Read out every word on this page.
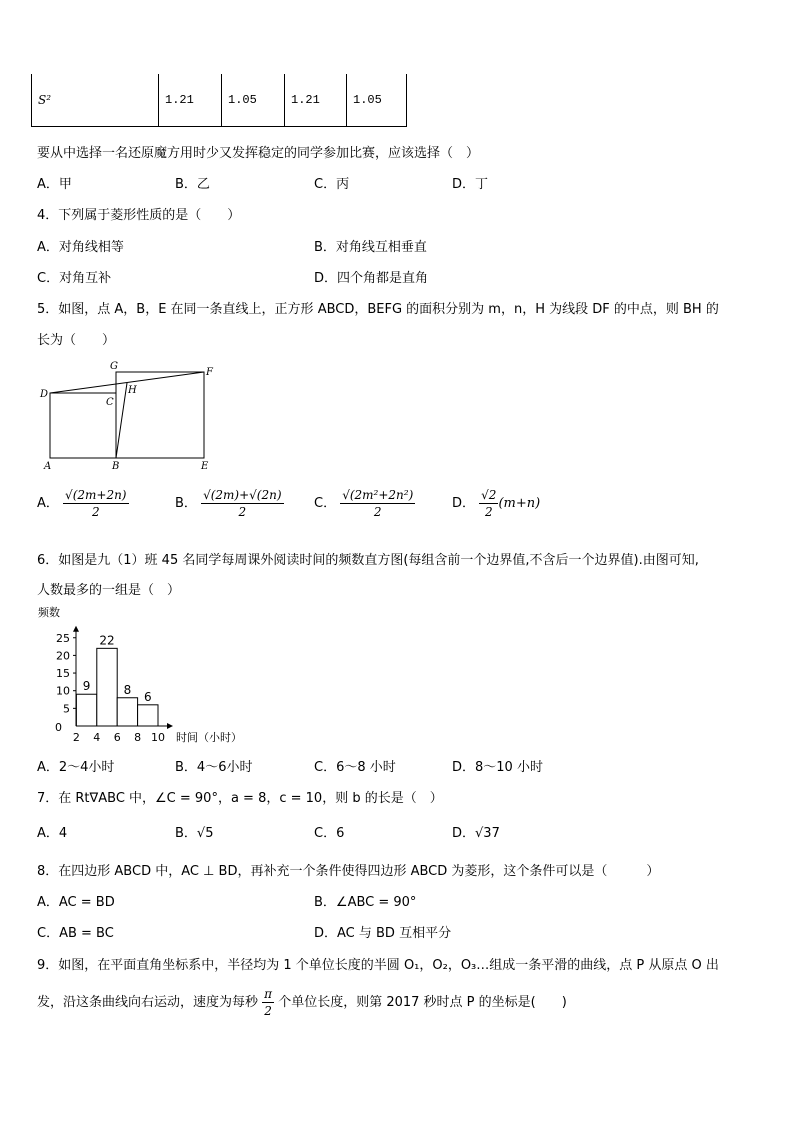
S²	1.21	1.05	1.21	1.05
要从中选择一名还原魔方用时少又发挥稳定的同学参加比赛，应该选择（　）
A．甲	B．乙	C．丙	D．丁
4．下列属于菱形性质的是（　　）
A．对角线相等	B．对角线互相垂直
C．对角互补	D．四个角都是直角
5．如图，点 A，B，E 在同一条直线上，正方形 ABCD，BEFG 的面积分别为 m，n，H 为线段 DF 的中点，则 BH 的
长为（　　）
G
F
D
C
H
A	B	E
A． $\frac{√(2m+2n)}{2}$	B． $\frac{√(2m)+√(2n)}{2}$ C． $\frac{\text{√(2m²+2n²)}}{2}$	D． $\frac{√2}{2} (m+n)$
6．如图是九（1）班 45 名同学每周课外阅读时间的频数直方图(每组含前一个边界值,不含后一个边界值).由图可知,
人数最多的一组是（　）
频数
时间（小时）
5
10
15
20
25
0
2 4 6 8 10
9
22
8
6
A．2～4小时	B．4～6小时	C．6～8 小时	D．8～10 小时
7．在 Rt∇ABC 中，∠C = 90°，a = 8，c = 10，则 b 的长是（　）
A．4	B．√5	C．6	D．√37
8．在四边形 ABCD 中，AC ⊥ BD，再补充一个条件使得四边形 ABCD 为菱形，这个条件可以是（　　　）
A．AC = BD	B．∠ABC = 90°
C．AB = BC	D．AC 与 BD 互相平分
9．如图，在平面直角坐标系中，半径均为 1 个单位长度的半圆 O₁，O₂，O₃…组成一条平滑的曲线，点 P 从原点 O 出
发，沿这条曲线向右运动，速度为每秒 $\frac{\pi}{2}$ 个单位长度，则第 2017 秒时点 P 的坐标是(　　)
